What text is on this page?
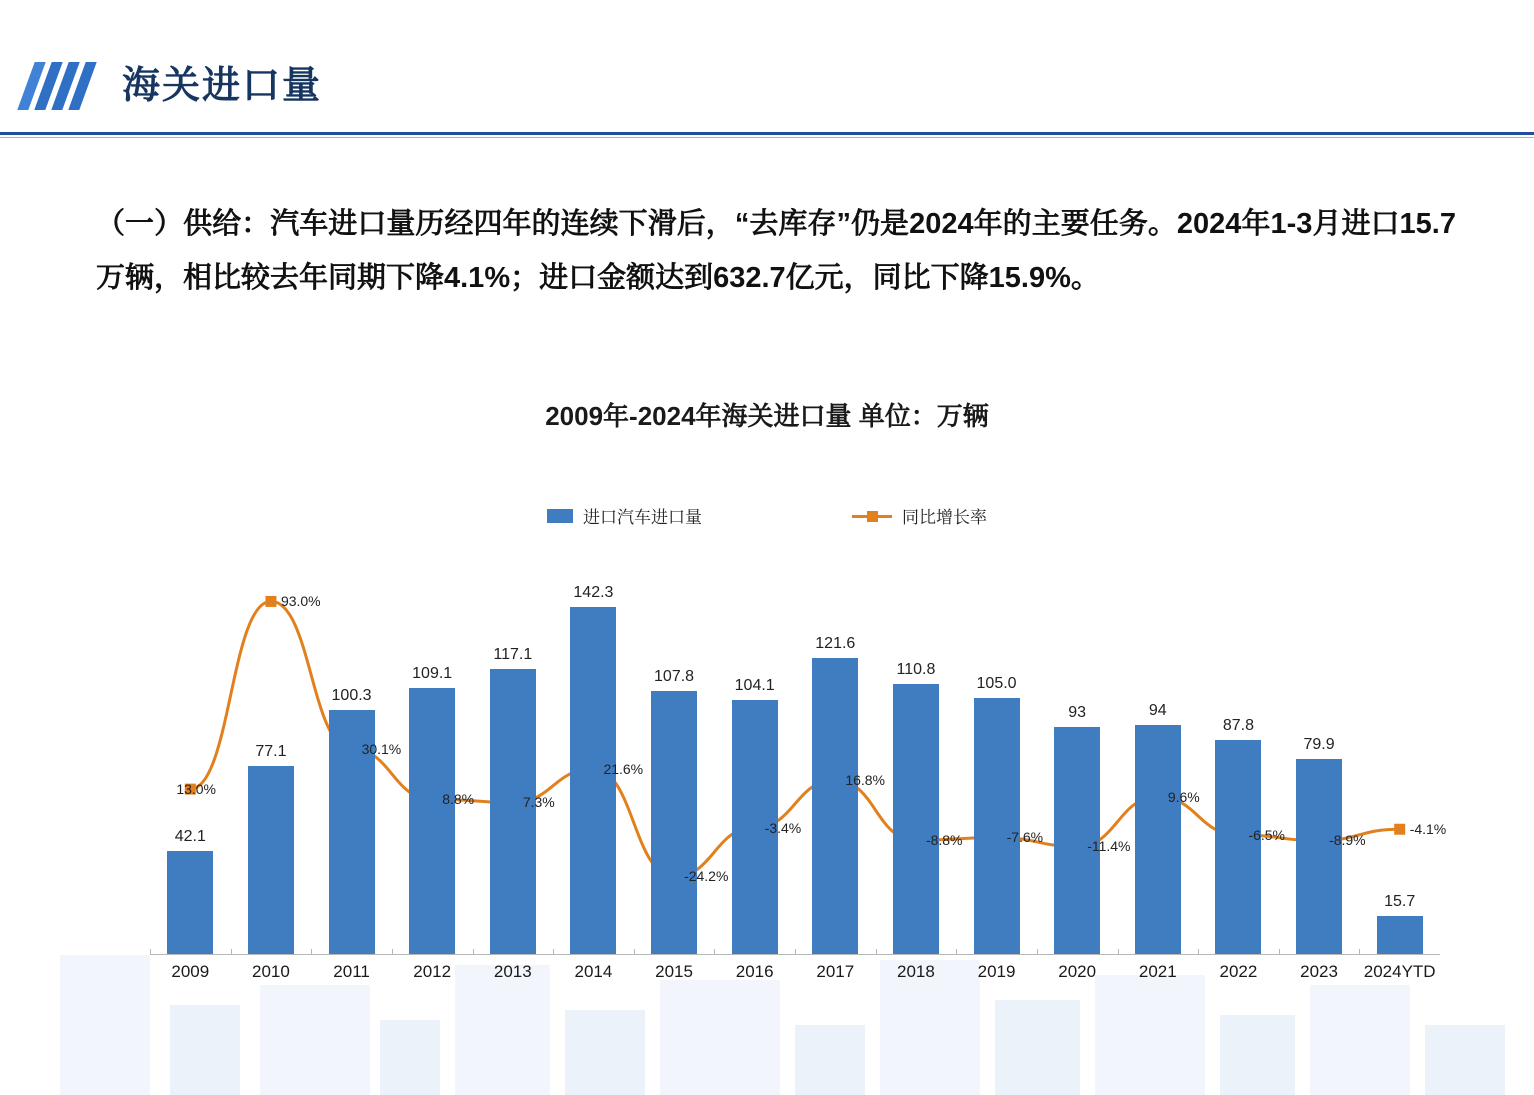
海关进口量
（一）供给：汽车进口量历经四年的连续下滑后，“去库存”仍是2024年的主要任务。2024年1-3月进口15.7万辆，相比较去年同期下降4.1%；进口金额达到632.7亿元，同比下降15.9%。
2009年-2024年海关进口量 单位：万辆
进口汽车进口量	同比增长率
42.1
77.1
100.3
109.1
117.1
142.3
107.8
104.1
121.6
110.8
105.0
93	94
87.8
79.9
15.7
13.0%
93.0%
30.1%
8.8%	7.3%
21.6%
-24.2%
-3.4%
16.8%
-8.8%	-7.6%
-11.4%
9.6%
-6.5%	-8.9%
-4.1%
2009	2010	2011	2012	2013	2014	2015	2016	2017	2018	2019	2020	2021	2022	2023	2024YTD
